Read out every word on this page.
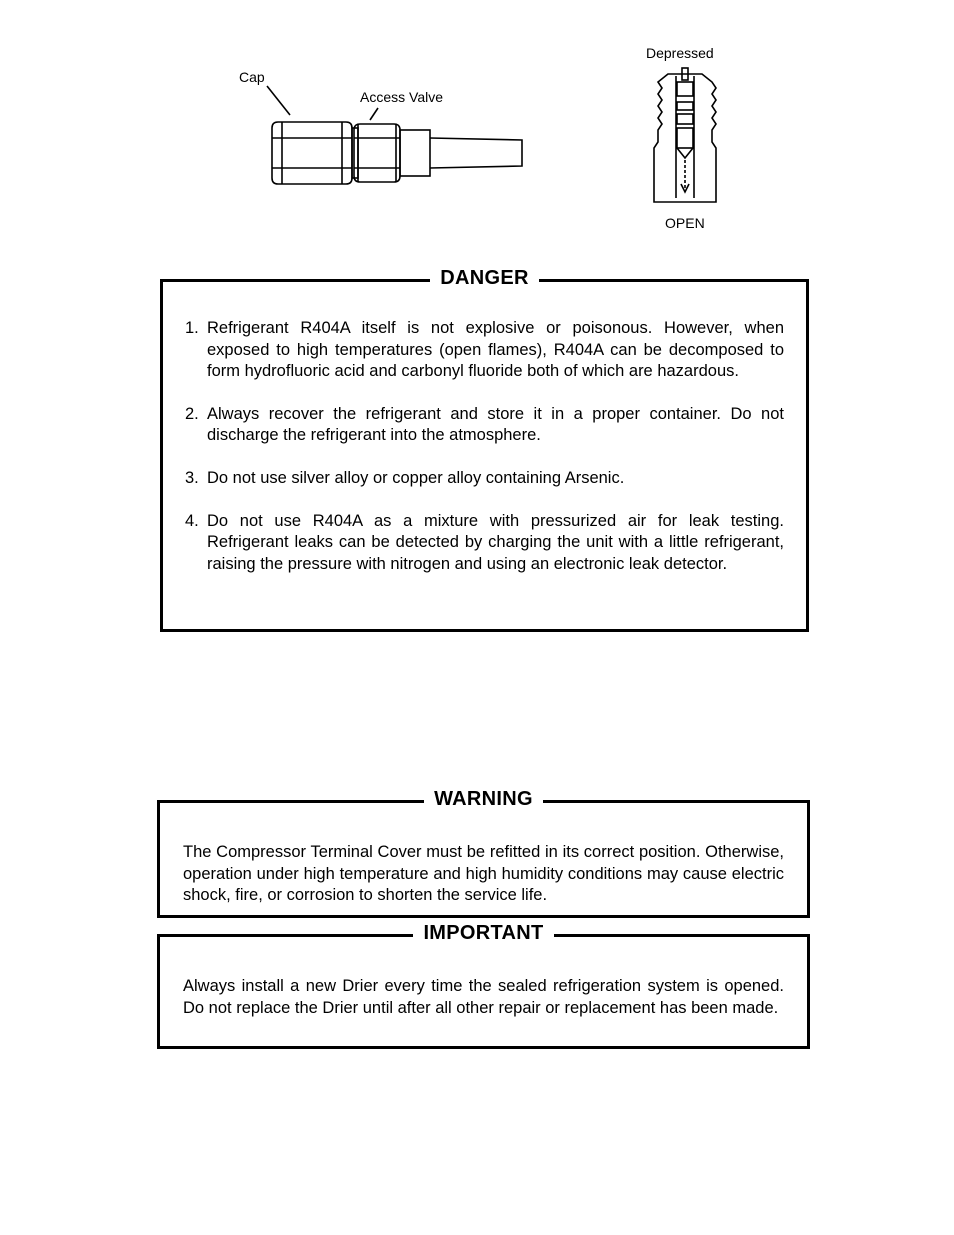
Cap
Access Valve
Depressed
OPEN
DANGER
1. Refrigerant R404A itself is not explosive or poisonous. However, when exposed to high temperatures (open flames), R404A can be decomposed to form hydrofluoric acid and carbonyl fluoride both of which are hazardous.
2. Always recover the refrigerant and store it in a proper container. Do not discharge the refrigerant into the atmosphere.
3. Do not use silver alloy or copper alloy containing Arsenic.
4. Do not use R404A as a mixture with pressurized air for leak testing. Refrigerant leaks can be detected by charging the unit with a little refrigerant, raising the pressure with nitrogen and using an electronic leak detector.
WARNING
The Compressor Terminal Cover must be refitted in its correct position. Otherwise, operation under high temperature and high humidity conditions may cause electric shock, fire, or corrosion to shorten the service life.
IMPORTANT
Always install a new Drier every time the sealed refrigeration system is opened. Do not replace the Drier until after all other repair or replacement has been made.
